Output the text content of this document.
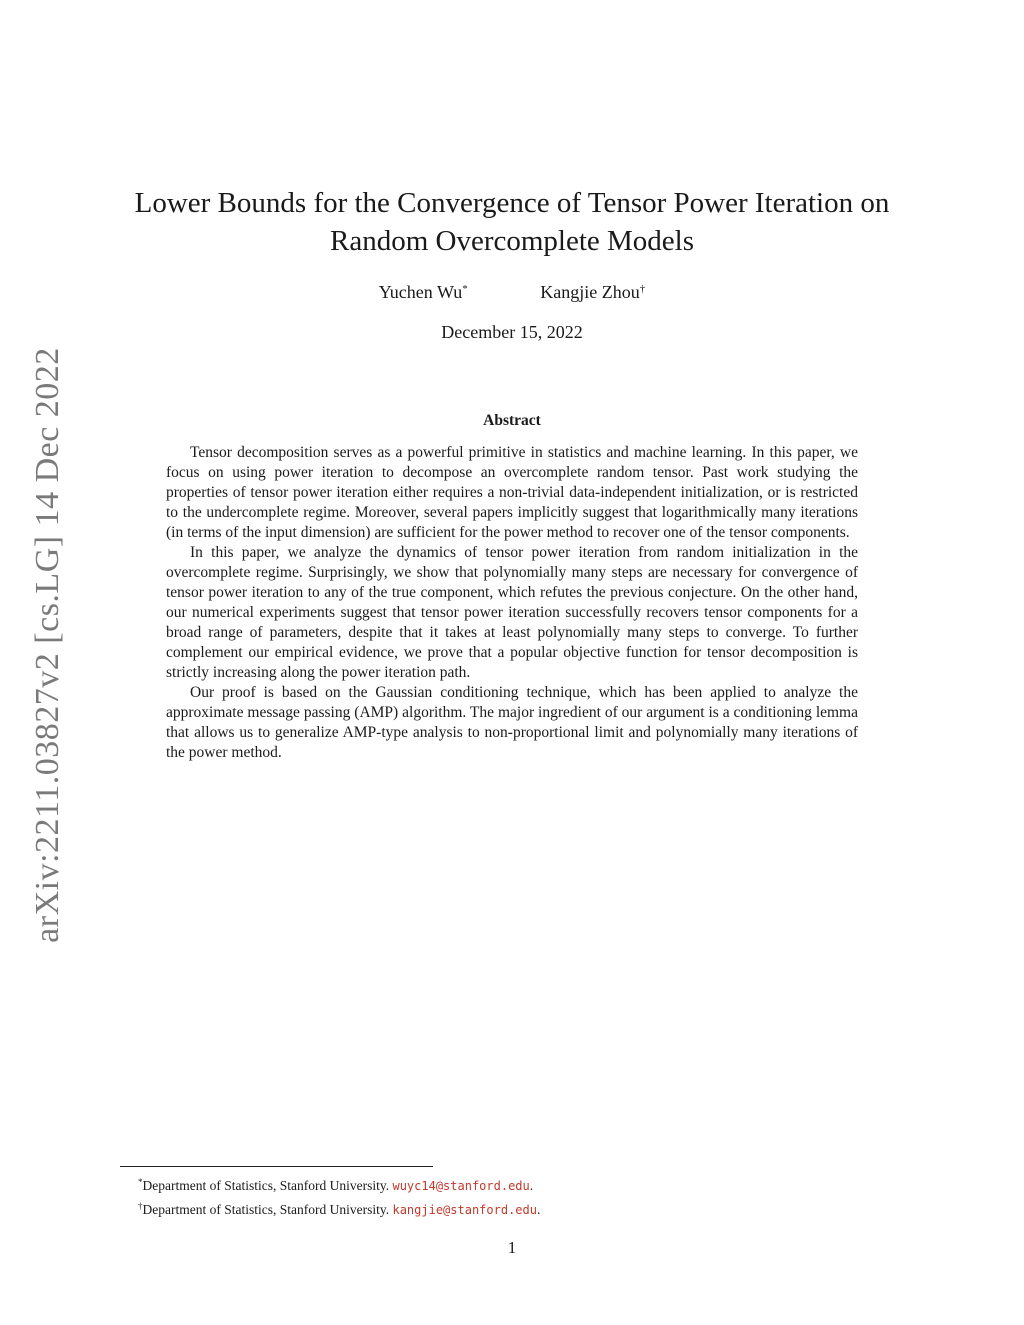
arXiv:2211.03827v2 [cs.LG] 14 Dec 2022
Lower Bounds for the Convergence of Tensor Power Iteration on
Random Overcomplete Models
Yuchen Wu*	Kangjie Zhou†
December 15, 2022
Abstract

Tensor decomposition serves as a powerful primitive in statistics and machine learning. In this paper, we focus on using power iteration to decompose an overcomplete random tensor. Past work studying the properties of tensor power iteration either requires a non-trivial data-independent initialization, or is restricted to the undercomplete regime. Moreover, several papers implicitly suggest that logarithmically many iterations (in terms of the input dimension) are sufficient for the power method to recover one of the tensor components.

In this paper, we analyze the dynamics of tensor power iteration from random initialization in the overcomplete regime. Surprisingly, we show that polynomially many steps are necessary for convergence of tensor power iteration to any of the true component, which refutes the previous conjecture. On the other hand, our numerical experiments suggest that tensor power iteration successfully recovers tensor components for a broad range of parameters, despite that it takes at least polynomially many steps to converge. To further complement our empirical evidence, we prove that a popular objective function for tensor decomposition is strictly increasing along the power iteration path.

Our proof is based on the Gaussian conditioning technique, which has been applied to analyze the approximate message passing (AMP) algorithm. The major ingredient of our argument is a conditioning lemma that allows us to generalize AMP-type analysis to non-proportional limit and polynomially many iterations of the power method.

*Department of Statistics, Stanford University. wuyc14@stanford.edu.
†Department of Statistics, Stanford University. kangjie@stanford.edu.
1
